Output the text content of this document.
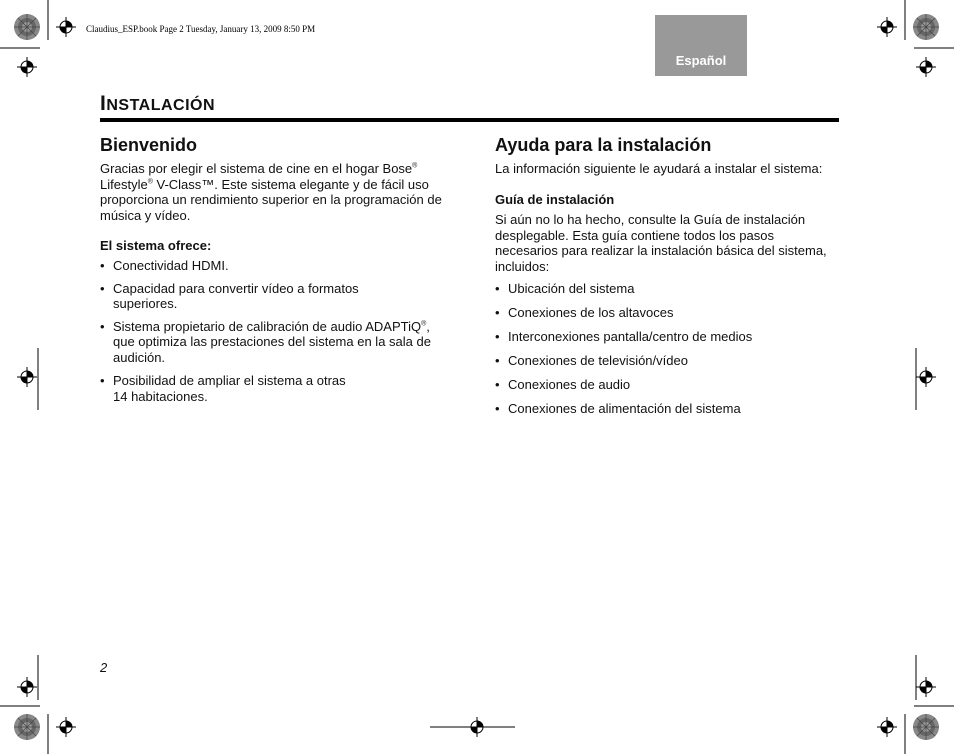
Claudius_ESP.book Page 2 Tuesday, January 13, 2009 8:50 PM
Español
INSTALACIÓN
Bienvenido
Gracias por elegir el sistema de cine en el hogar Bose®
Lifestyle® V-Class™. Este sistema elegante y de fácil uso proporciona un rendimiento superior en la programación de música y vídeo.
El sistema ofrece:
• Conectividad HDMI.
• Capacidad para convertir vídeo a formatos superiores.
• Sistema propietario de calibración de audio ADAPTiQ®, que optimiza las prestaciones del sistema en la sala de audición.
• Posibilidad de ampliar el sistema a otras
14 habitaciones.
Ayuda para la instalación
La información siguiente le ayudará a instalar el sistema:
Guía de instalación
Si aún no lo ha hecho, consulte la Guía de instalación desplegable. Esta guía contiene todos los pasos necesarios para realizar la instalación básica del sistema, incluidos:
• Ubicación del sistema
• Conexiones de los altavoces
• Interconexiones pantalla/centro de medios
• Conexiones de televisión/vídeo
• Conexiones de audio
• Conexiones de alimentación del sistema
2
